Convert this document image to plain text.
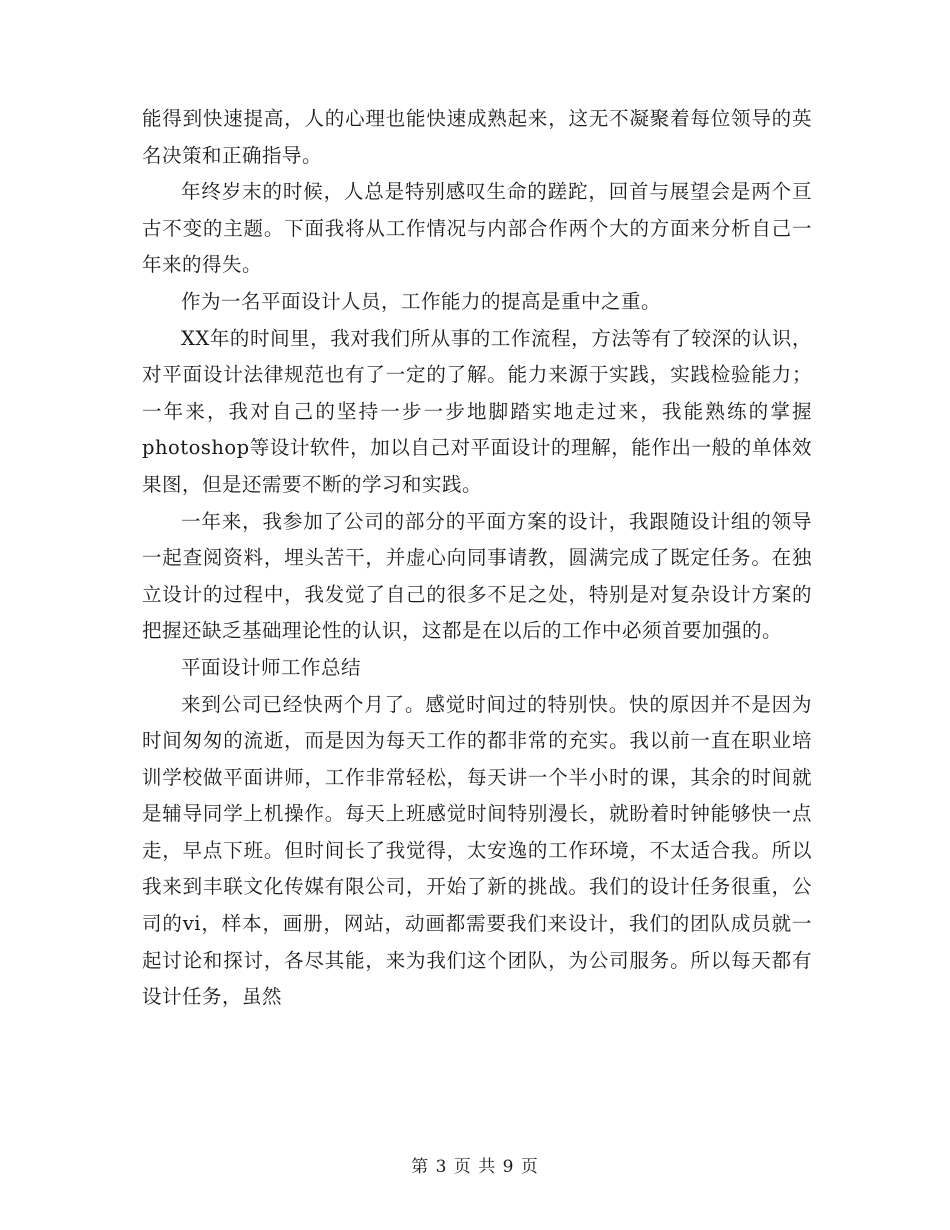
能得到快速提高，人的心理也能快速成熟起来，这无不凝聚着每位领导的英名决策和正确指导。

年终岁末的时候，人总是特别感叹生命的蹉跎，回首与展望会是两个亘古不变的主题。下面我将从工作情况与内部合作两个大的方面来分析自己一年来的得失。

作为一名平面设计人员，工作能力的提高是重中之重。

XX年的时间里，我对我们所从事的工作流程，方法等有了较深的认识，对平面设计法律规范也有了一定的了解。能力来源于实践，实践检验能力；一年来，我对自己的坚持一步一步地脚踏实地走过来，我能熟练的掌握photoshop等设计软件，加以自己对平面设计的理解，能作出一般的单体效果图，但是还需要不断的学习和实践。

一年来，我参加了公司的部分的平面方案的设计，我跟随设计组的领导一起查阅资料，埋头苦干，并虚心向同事请教，圆满完成了既定任务。在独立设计的过程中，我发觉了自己的很多不足之处，特别是对复杂设计方案的把握还缺乏基础理论性的认识，这都是在以后的工作中必须首要加强的。

平面设计师工作总结

来到公司已经快两个月了。感觉时间过的特别快。快的原因并不是因为时间匆匆的流逝，而是因为每天工作的都非常的充实。我以前一直在职业培训学校做平面讲师，工作非常轻松，每天讲一个半小时的课，其余的时间就是辅导同学上机操作。每天上班感觉时间特别漫长，就盼着时钟能够快一点走，早点下班。但时间长了我觉得，太安逸的工作环境，不太适合我。所以我来到丰联文化传媒有限公司，开始了新的挑战。我们的设计任务很重，公司的vi，样本，画册，网站，动画都需要我们来设计，我们的团队成员就一起讨论和探讨，各尽其能，来为我们这个团队，为公司服务。所以每天都有设计任务，虽然

第 3 页 共 9 页
